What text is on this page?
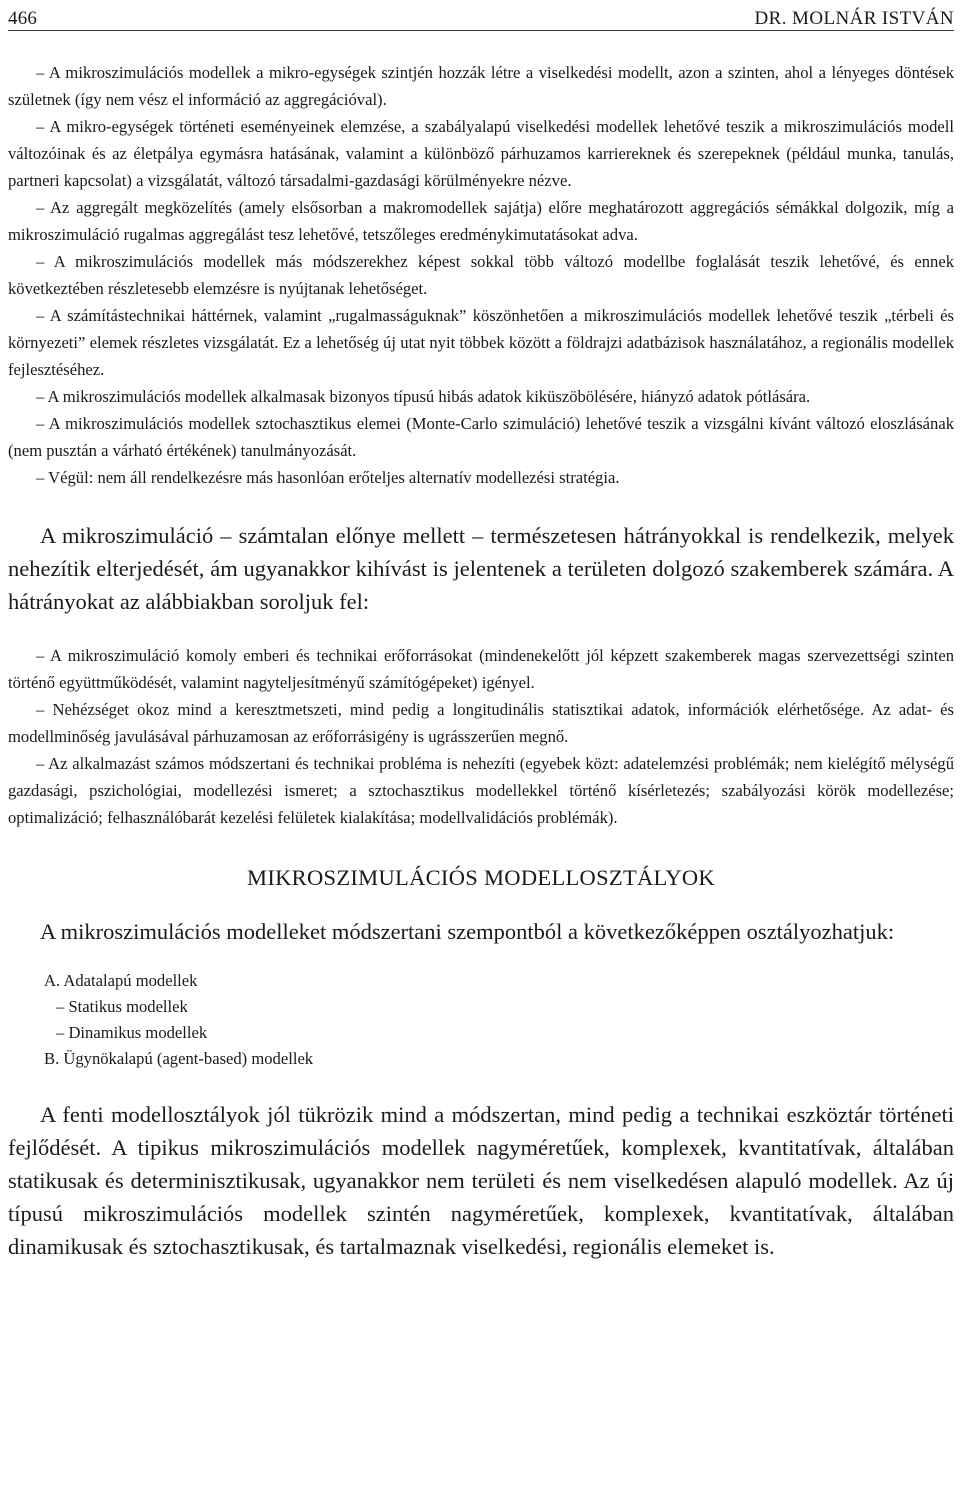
466	DR. MOLNÁR ISTVÁN

– A mikroszimulációs modellek a mikro-egységek szintjén hozzák létre a viselkedési modellt, azon a szinten, ahol a lényeges döntések születnek (így nem vész el információ az aggregációval).

– A mikro-egységek történeti eseményeinek elemzése, a szabályalapú viselkedési modellek lehetővé teszik a mikroszimulációs modell változóinak és az életpálya egymásra hatásának, valamint a különböző párhuzamos karriereknek és szerepeknek (például munka, tanulás, partneri kapcsolat) a vizsgálatát, változó társadalmi-gazdasági körülményekre nézve.

– Az aggregált megközelítés (amely elsősorban a makromodellek sajátja) előre meghatározott aggregációs sémákkal dolgozik, míg a mikroszimuláció rugalmas aggregálást tesz lehetővé, tetszőleges eredménykimutatásokat adva.

– A mikroszimulációs modellek más módszerekhez képest sokkal több változó modellbe foglalását teszik lehetővé, és ennek következtében részletesebb elemzésre is nyújtanak lehetőséget.

– A számítástechnikai háttérnek, valamint „rugalmasságuknak” köszönhetően a mikroszimulációs modellek lehetővé teszik „térbeli és környezeti” elemek részletes vizsgálatát. Ez a lehetőség új utat nyit többek között a földrajzi adatbázisok használatához, a regionális modellek fejlesztéséhez.

– A mikroszimulációs modellek alkalmasak bizonyos típusú hibás adatok kiküszöbölésére, hiányzó adatok pótlására.

– A mikroszimulációs modellek sztochasztikus elemei (Monte-Carlo szimuláció) lehetővé teszik a vizsgálni kívánt változó eloszlásának (nem pusztán a várható értékének) tanulmányozását.

– Végül: nem áll rendelkezésre más hasonlóan erőteljes alternatív modellezési stratégia.

A mikroszimuláció – számtalan előnye mellett – természetesen hátrányokkal is rendelkezik, melyek nehezítik elterjedését, ám ugyanakkor kihívást is jelentenek a területen dolgozó szakemberek számára. A hátrányokat az alábbiakban soroljuk fel:

– A mikroszimuláció komoly emberi és technikai erőforrásokat (mindenekelőtt jól képzett szakemberek magas szervezettségi szinten történő együttműködését, valamint nagyteljesítményű számítógépeket) igényel.

– Nehézséget okoz mind a keresztmetszeti, mind pedig a longitudinális statisztikai adatok, információk elérhetősége. Az adat- és modellminőség javulásával párhuzamosan az erőforrásigény is ugrásszerűen megnő.

– Az alkalmazást számos módszertani és technikai probléma is nehezíti (egyebek közt: adatelemzési problémák; nem kielégítő mélységű gazdasági, pszichológiai, modellezési ismeret; a sztochasztikus modellekkel történő kísérletezés; szabályozási körök modellezése; optimalizáció; felhasználóbarát kezelési felületek kialakítása; modellvalidációs problémák).

MIKROSZIMULÁCIÓS MODELLOSZTÁLYOK

A mikroszimulációs modelleket módszertani szempontból a következőképpen osztályozhatjuk:

A. Adatalapú modellek
– Statikus modellek
– Dinamikus modellek
B. Ügynökalapú (agent-based) modellek

A fenti modellosztályok jól tükrözik mind a módszertan, mind pedig a technikai eszköztár történeti fejlődését. A tipikus mikroszimulációs modellek nagyméretűek, komplexek, kvantitatívak, általában statikusak és determinisztikusak, ugyanakkor nem területi és nem viselkedésen alapuló modellek. Az új típusú mikroszimulációs modellek szintén nagyméretűek, komplexek, kvantitatívak, általában dinamikusak és sztochasztikusak, és tartalmaznak viselkedési, regionális elemeket is.
